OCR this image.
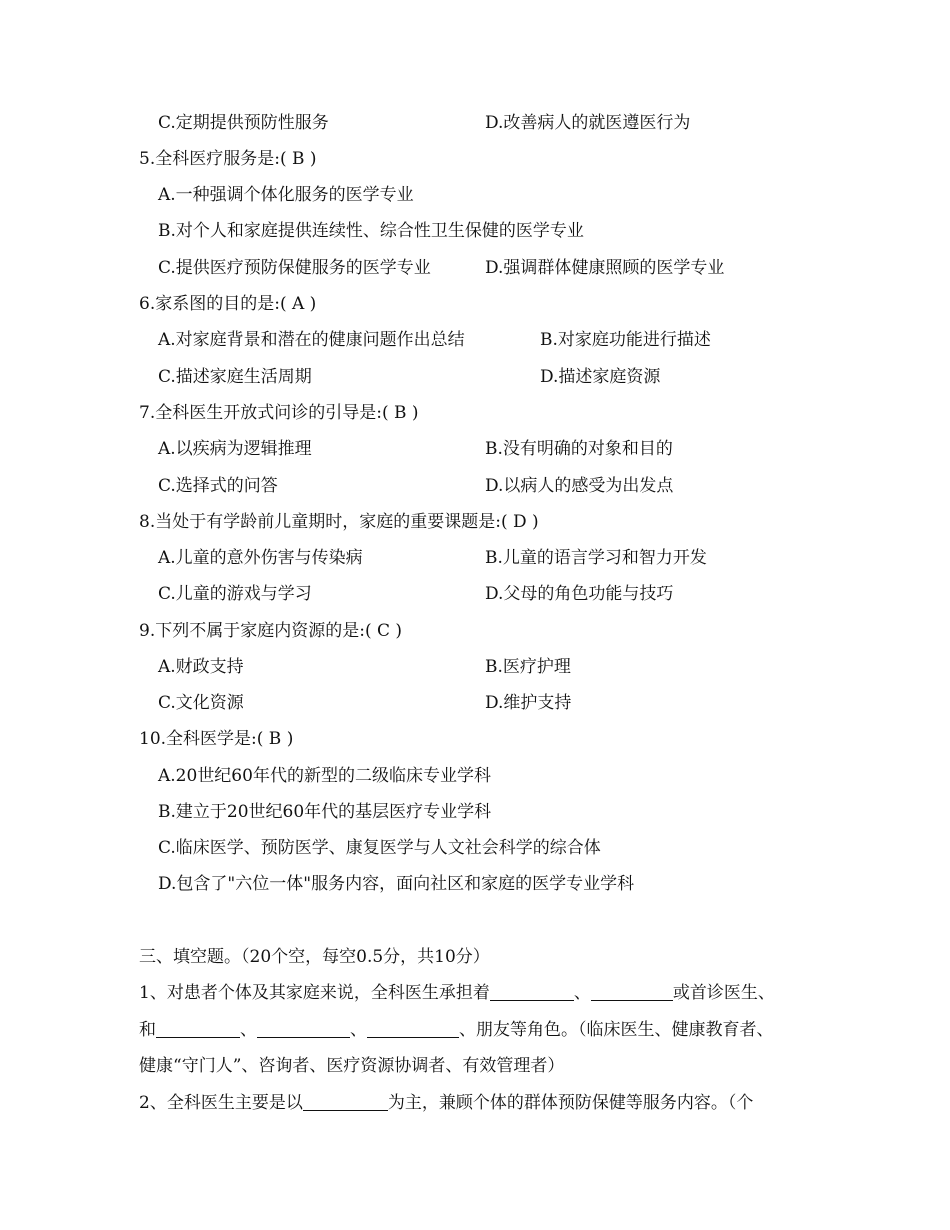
C.定期提供预防性服务	D.改善病人的就医遵医行为
5.全科医疗服务是:( B )
A.一种强调个体化服务的医学专业
B.对个人和家庭提供连续性、综合性卫生保健的医学专业
C.提供医疗预防保健服务的医学专业	D.强调群体健康照顾的医学专业
6.家系图的目的是:( A )
A.对家庭背景和潜在的健康问题作出总结	B.对家庭功能进行描述
C.描述家庭生活周期	D.描述家庭资源
7.全科医生开放式问诊的引导是:( B )
A.以疾病为逻辑推理	B.没有明确的对象和目的
C.选择式的问答	D.以病人的感受为出发点
8.当处于有学龄前儿童期时，家庭的重要课题是:( D )
A.儿童的意外伤害与传染病	B.儿童的语言学习和智力开发
C.儿童的游戏与学习	D.父母的角色功能与技巧
9.下列不属于家庭内资源的是:( C )
A.财政支持	B.医疗护理
C.文化资源	D.维护支持
10.全科医学是:( B )
A.20世纪60年代的新型的二级临床专业学科
B.建立于20世纪60年代的基层医疗专业学科
C.临床医学、预防医学、康复医学与人文社会科学的综合体
D.包含了"六位一体"服务内容，面向社区和家庭的医学专业学科
三、填空题。（20个空，每空0.5分，共10分）
1、对患者个体及其家庭来说，全科医生承担着	、	或首诊医生、
和	、	、	、朋友等角色。（临床医生、健康教育者、
健康“守门人”、咨询者、医疗资源协调者、有效管理者）
2、全科医生主要是以	为主，兼顾个体的群体预防保健等服务内容。（个
